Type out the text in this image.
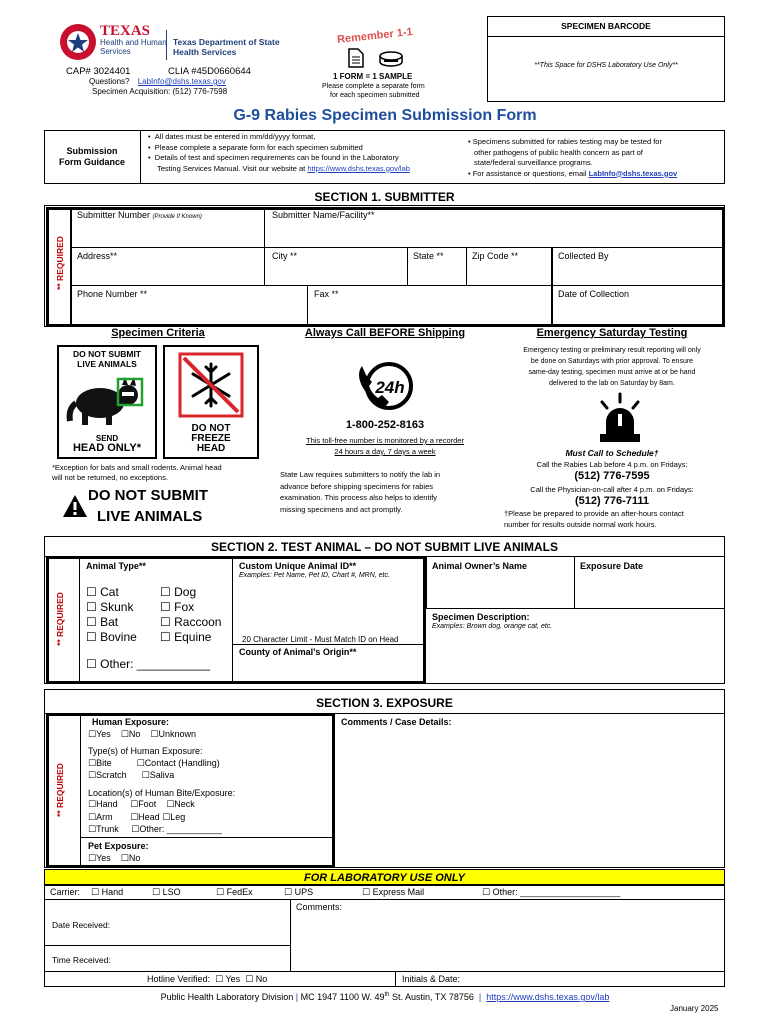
TEXAS
Health and Human
Services
Texas Department of State
Health Services
CAP# 3024401	CLIA #45D0660644
Questions? LabInfo@dshs.texas.gov
Specimen Acquisition: (512) 776-7598
Remember 1-1
1 FORM = 1 SAMPLE
Please complete a separate form
for each specimen submitted
SPECIMEN BARCODE
**This Space for DSHS Laboratory Use Only**
G-9 Rabies Specimen Submission Form
Submission
Form Guidance
•  All dates must be entered in mm/dd/yyyy format,
•  Please complete a separate form for each specimen submitted
•  Details of test and specimen requirements can be found in the Laboratory
Testing Services Manual. Visit our website at https://www.dshs.texas.gov/lab
• Specimens submitted for rabies testing may be tested for
other pathogens of public health concern as part of
state/federal surveillance programs.
• For assistance or questions, email LabInfo@dshs.texas.gov
SECTION 1. SUBMITTER
** REQUIRED
Submitter Number (Provide If Known)	Submitter Name/Facility**
Address**	City **	State **	Zip Code **	Collected By
Phone Number **	Fax **	Date of Collection
Specimen Criteria	Always Call BEFORE Shipping	Emergency Saturday Testing
DO NOT SUBMIT
LIVE ANIMALS
SEND
HEAD ONLY*
DO NOT
FREEZE
HEAD
*Exception for bats and small rodents. Animal head
will not be returned, no exceptions.
DO NOT SUBMIT
LIVE ANIMALS
24h
1-800-252-8163
This toll-free number is monitored by a recorder
24 hours a day, 7 days a week
State Law requires submitters to notify the lab in
advance before shipping specimens for rabies
examination. This process also helps to identify
missing specimens and act promptly.
Emergency testing or preliminary result reporting will only
be done on Saturdays with prior approval. To ensure
same-day testing, specimen must arrive at or be hand
delivered to the lab on Saturday by 8am.
Must Call to Schedule†
Call the Rabies Lab before 4 p.m. on Fridays:
(512) 776-7595
Call the Physician-on-call after 4 p.m. on Fridays:
(512) 776-7111
†Please be prepared to provide an after-hours contact
number for results outside normal work hours.
SECTION 2. TEST ANIMAL – DO NOT SUBMIT LIVE ANIMALS
** REQUIRED
Animal Type**
☐ Cat
☐ Skunk
☐ Bat
☐ Bovine
☐ Dog
☐ Fox
☐ Raccoon
☐ Equine
☐ Other: ___________
Custom Unique Animal ID**
Examples: Pet Name, Pet ID, Chart #, MRN, etc.
20 Character Limit - Must Match ID on Head
County of Animal’s Origin**
Animal Owner’s Name	Exposure Date
Specimen Description:
Examples: Brown dog, orange cat, etc.
SECTION 3. EXPOSURE
** REQUIRED
Human Exposure:
☐Yes ☐No ☐Unknown
Type(s) of Human Exposure:
☐Bite	☐Contact (Handling)
☐Scratch ☐Saliva
Location(s) of Human Bite/Exposure:
☐Hand ☐Foot ☐Neck
☐Arm ☐Head ☐Leg
☐Trunk ☐Other: ___________
Pet Exposure:
☐Yes ☐No
Comments / Case Details:
FOR LABORATORY USE ONLY
Carrier: ☐ Hand	☐ LSO	☐ FedEx	☐ UPS	☐ Express Mail	☐ Other: ____________________
Comments:
Date Received:
Time Received:
Hotline Verified: ☐ Yes ☐ No	Initials & Date:
Public Health Laboratory Division | MC 1947 1100 W. 49th St. Austin, TX 78756 | https://www.dshs.texas.gov/lab
January 2025
